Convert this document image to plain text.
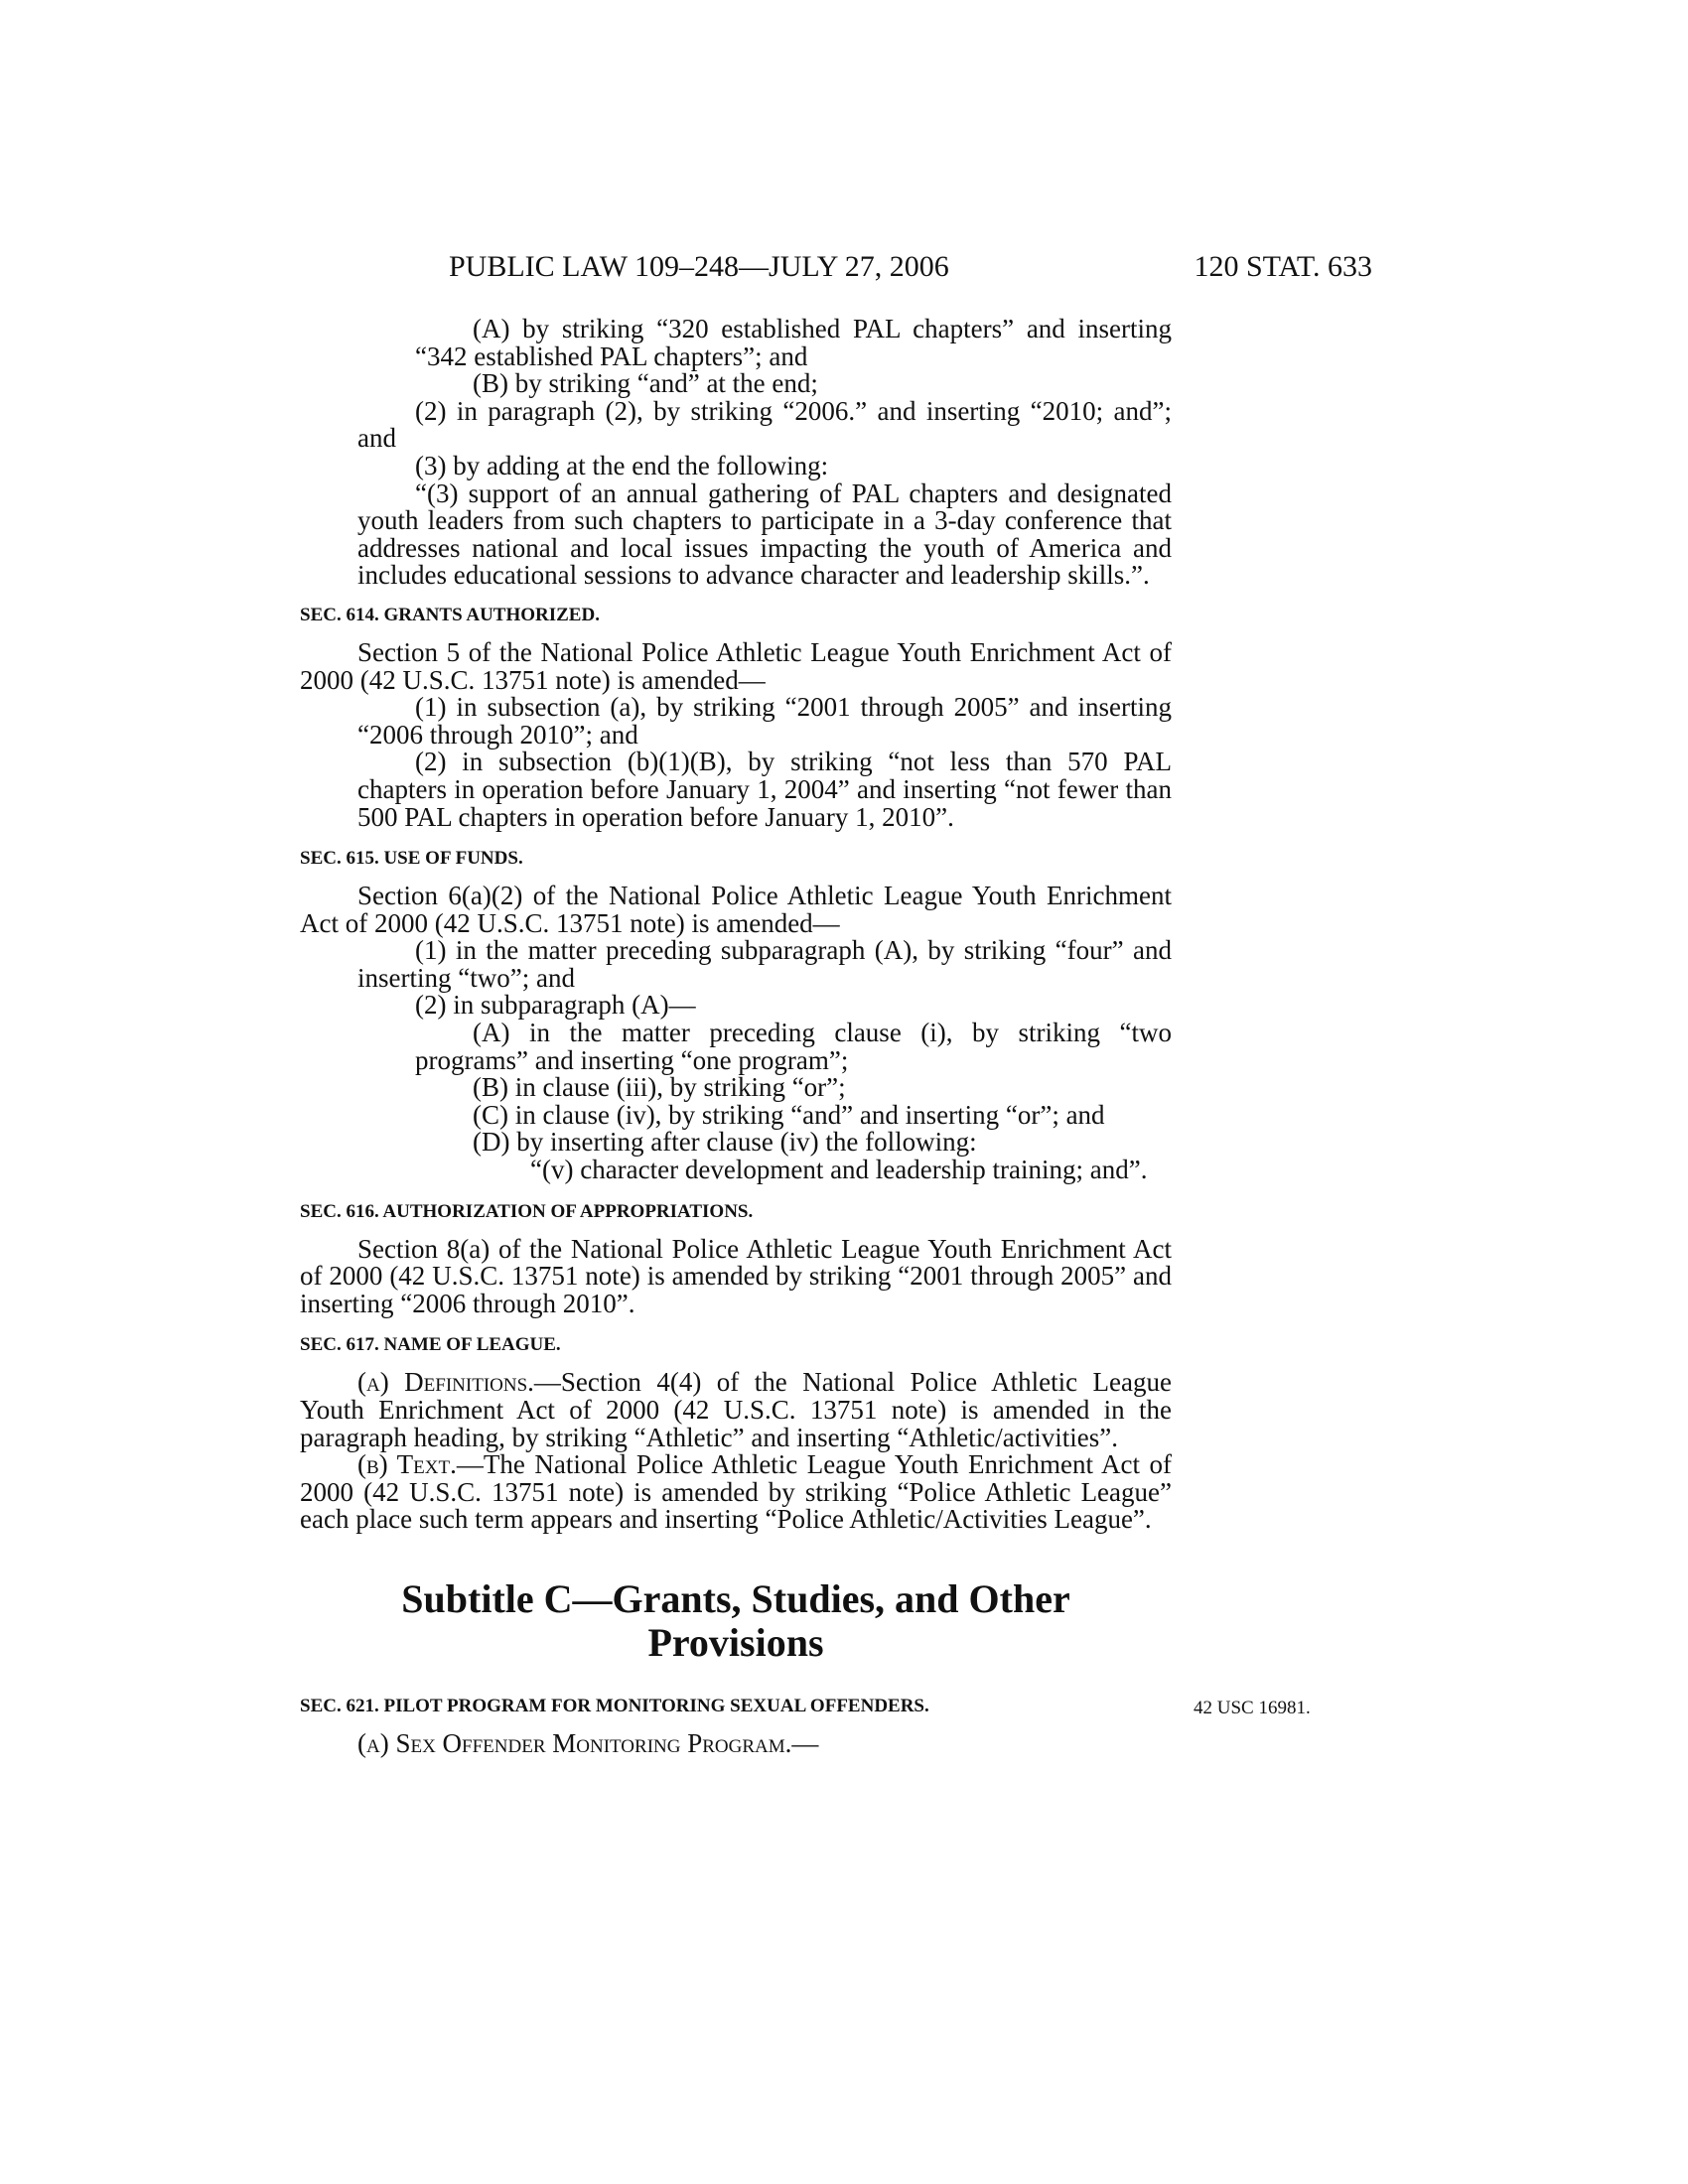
PUBLIC LAW 109–248—JULY 27, 2006	120 STAT. 633

(A) by striking “320 established PAL chapters” and inserting “342 established PAL chapters”; and

(B) by striking “and” at the end;

(2) in paragraph (2), by striking “2006.” and inserting “2010; and”; and

(3) by adding at the end the following:

“(3) support of an annual gathering of PAL chapters and designated youth leaders from such chapters to participate in a 3-day conference that addresses national and local issues impacting the youth of America and includes educational sessions to advance character and leadership skills.”.

SEC. 614. GRANTS AUTHORIZED.

Section 5 of the National Police Athletic League Youth Enrichment Act of 2000 (42 U.S.C. 13751 note) is amended—

(1) in subsection (a), by striking “2001 through 2005” and inserting “2006 through 2010”; and

(2) in subsection (b)(1)(B), by striking “not less than 570 PAL chapters in operation before January 1, 2004” and inserting “not fewer than 500 PAL chapters in operation before January 1, 2010”.

SEC. 615. USE OF FUNDS.

Section 6(a)(2) of the National Police Athletic League Youth Enrichment Act of 2000 (42 U.S.C. 13751 note) is amended—

(1) in the matter preceding subparagraph (A), by striking “four” and inserting “two”; and

(2) in subparagraph (A)—

(A) in the matter preceding clause (i), by striking “two programs” and inserting “one program”;

(B) in clause (iii), by striking “or”;

(C) in clause (iv), by striking “and” and inserting “or”; and

(D) by inserting after clause (iv) the following:

“(v) character development and leadership training; and”.

SEC. 616. AUTHORIZATION OF APPROPRIATIONS.

Section 8(a) of the National Police Athletic League Youth Enrichment Act of 2000 (42 U.S.C. 13751 note) is amended by striking “2001 through 2005” and inserting “2006 through 2010”.

SEC. 617. NAME OF LEAGUE.

(a) Definitions.—Section 4(4) of the National Police Athletic League Youth Enrichment Act of 2000 (42 U.S.C. 13751 note) is amended in the paragraph heading, by striking “Athletic” and inserting “Athletic/activities”.

(b) Text.—The National Police Athletic League Youth Enrichment Act of 2000 (42 U.S.C. 13751 note) is amended by striking “Police Athletic League” each place such term appears and inserting “Police Athletic/Activities League”.

Subtitle C—Grants, Studies, and Other Provisions
SEC. 621. PILOT PROGRAM FOR MONITORING SEXUAL OFFENDERS.	42 USC 16981.

(a) Sex Offender Monitoring Program.—
